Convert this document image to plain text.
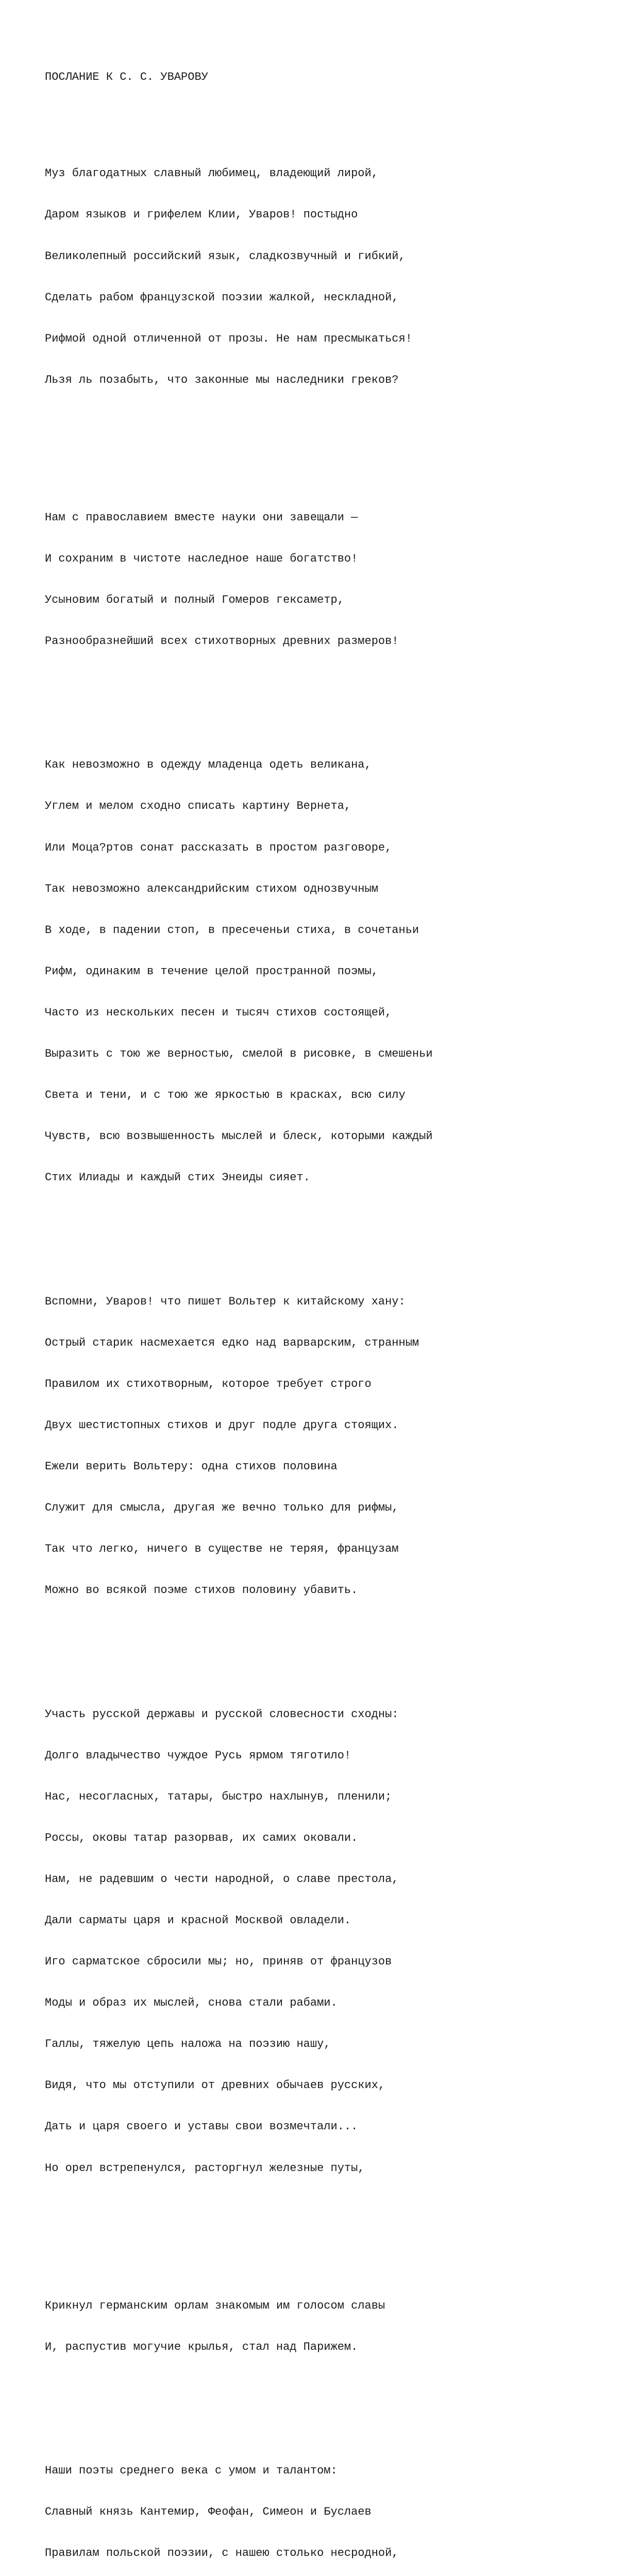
ПОСЛАНИЕ К С. С. УВАРОВУ

Муз благодатных славный любимец, владеющий лирой,

Даром языков и грифелем Клии, Уваров! постыдно

Великолепный российский язык, сладкозвучный и гибкий,

Сделать рабом французской поэзии жалкой, нескладной,

Рифмой одной отличенной от прозы. Не нам пресмыкаться!

Льзя ль позабыть, что законные мы наследники греков?

Нам с православием вместе науки они завещали —

И сохраним в чистоте наследное наше богатство!

Усыновим богатый и полный Гомеров гексаметр,

Разнообразнейший всех стихотворных древних размеров!

Как невозможно в одежду младенца одеть великана,

Углем и мелом сходно списать картину Вернета,

Или Моца?ртов сонат рассказать в простом разговоре,

Так невозможно александрийским стихом однозвучным

В ходе, в падении стоп, в пресеченьи стиха, в сочетаньи

Рифм, одинаким в течение целой пространной поэмы,

Часто из нескольких песен и тысяч стихов состоящей,

Выразить с тою же верностью, смелой в рисовке, в смешеньи

Света и тени, и с тою же яркостью в красках, всю силу

Чувств, всю возвышенность мыслей и блеск, которыми каждый

Стих Илиады и каждый стих Энеиды сияет.

Вспомни, Уваров! что пишет Вольтер к китайскому хану:

Острый старик насмехается едко над варварским, странным

Правилом их стихотворным, которое требует строго

Двух шестистопных стихов и друг подле друга стоящих.

Ежели верить Вольтеру: одна стихов половина

Служит для смысла, другая же вечно только для рифмы,

Так что легко, ничего в существе не теряя, французам

Можно во всякой поэме стихов половину убавить.

Участь русской державы и русской словесности сходны:

Долго владычество чуждое Русь ярмом тяготило!

Нас, несогласных, татары, быстро нахлынув, пленили;

Россы, оковы татар разорвав, их самих оковали.

Нам, не радевшим о чести народной, о славе престола,

Дали сарматы царя и красной Москвой овладели.

Иго сарматское сбросили мы; но, приняв от французов

Моды и образ их мыслей, снова стали рабами.

Галлы, тяжелую цепь наложа на поэзию нашу,

Видя, что мы отступили от древних обычаев русских,

Дать и царя своего и уставы свои возмечтали...

Но орел встрепенулся, расторгнул железные путы,

Крикнул германским орлам знакомым им голосом славы

И, распустив могучие крылья, стал над Парижем.

Наши поэты среднего века с умом и талантом:

Славный князь Кантемир, Феофан, Симеон и Буслаев

Правилам польской поэзии, с нашею столько несродной,
